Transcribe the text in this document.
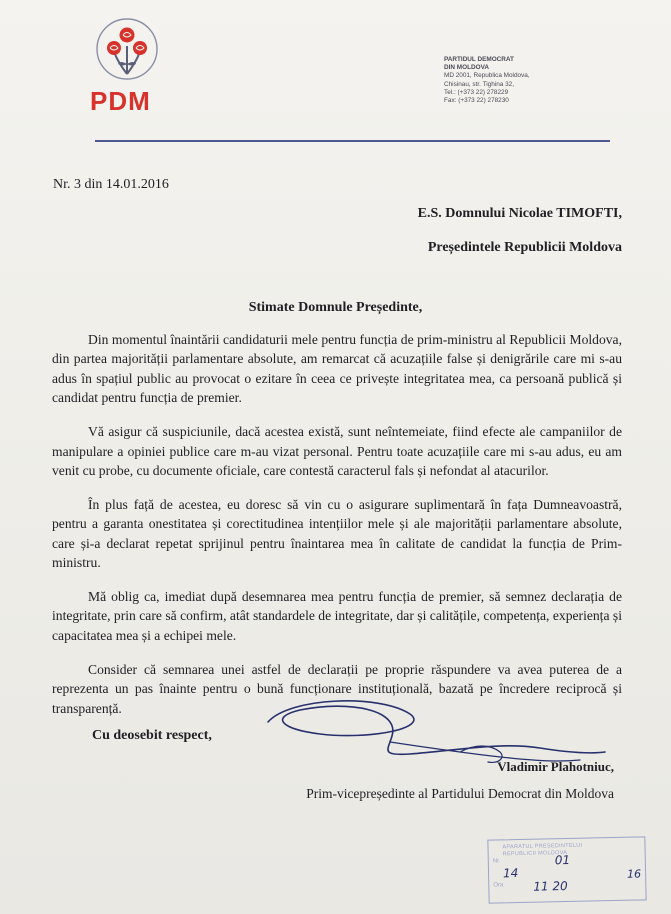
PDM
PARTIDUL DEMOCRAT
DIN MOLDOVA
MD 2001, Republica Moldova,
Chisinau, str. Tighina 32,
Tel.: (+373 22) 278229
Fax: (+373 22) 278230
Nr. 3 din 14.01.2016
E.S. Domnului Nicolae TIMOFTI,
Președintele Republicii Moldova
Stimate Domnule Președinte,

Din momentul înaintării candidaturii mele pentru funcția de prim-ministru al Republicii Moldova, din partea majorității parlamentare absolute, am remarcat că acuzațiile false și denigrările care mi s-au adus în spațiul public au provocat o ezitare în ceea ce privește integritatea mea, ca persoană publică și candidat pentru funcția de premier.

Vă asigur că suspiciunile, dacă acestea există, sunt neîntemeiate, fiind efecte ale campaniilor de manipulare a opiniei publice care m-au vizat personal. Pentru toate acuzațiile care mi s-au adus, eu am venit cu probe, cu documente oficiale, care contestă caracterul fals și nefondat al atacurilor.

În plus față de acestea, eu doresc să vin cu o asigurare suplimentară în fața Dumneavoastră, pentru a garanta onestitatea și corectitudinea intențiilor mele și ale majorității parlamentare absolute, care și-a declarat repetat sprijinul pentru înaintarea mea în calitate de candidat la funcția de Prim-ministru.

Mă oblig ca, imediat după desemnarea mea pentru funcția de premier, să semnez declarația de integritate, prin care să confirm, atât standardele de integritate, dar și calitățile, competența, experiența și capacitatea mea și a echipei mele.

Consider că semnarea unei astfel de declarații pe proprie răspundere va avea puterea de a reprezenta un pas înainte pentru o bună funcționare instituțională, bazată pe încredere reciprocă și transparență.

Cu deosebit respect,
Vladimir Plahotniuc,
Prim-vicepreședinte al Partidului Democrat din Moldova
APARATUL PREȘEDINTELUI
REPUBLICII MOLDOVA
Nr.
Ora
14
01
16
11 20
